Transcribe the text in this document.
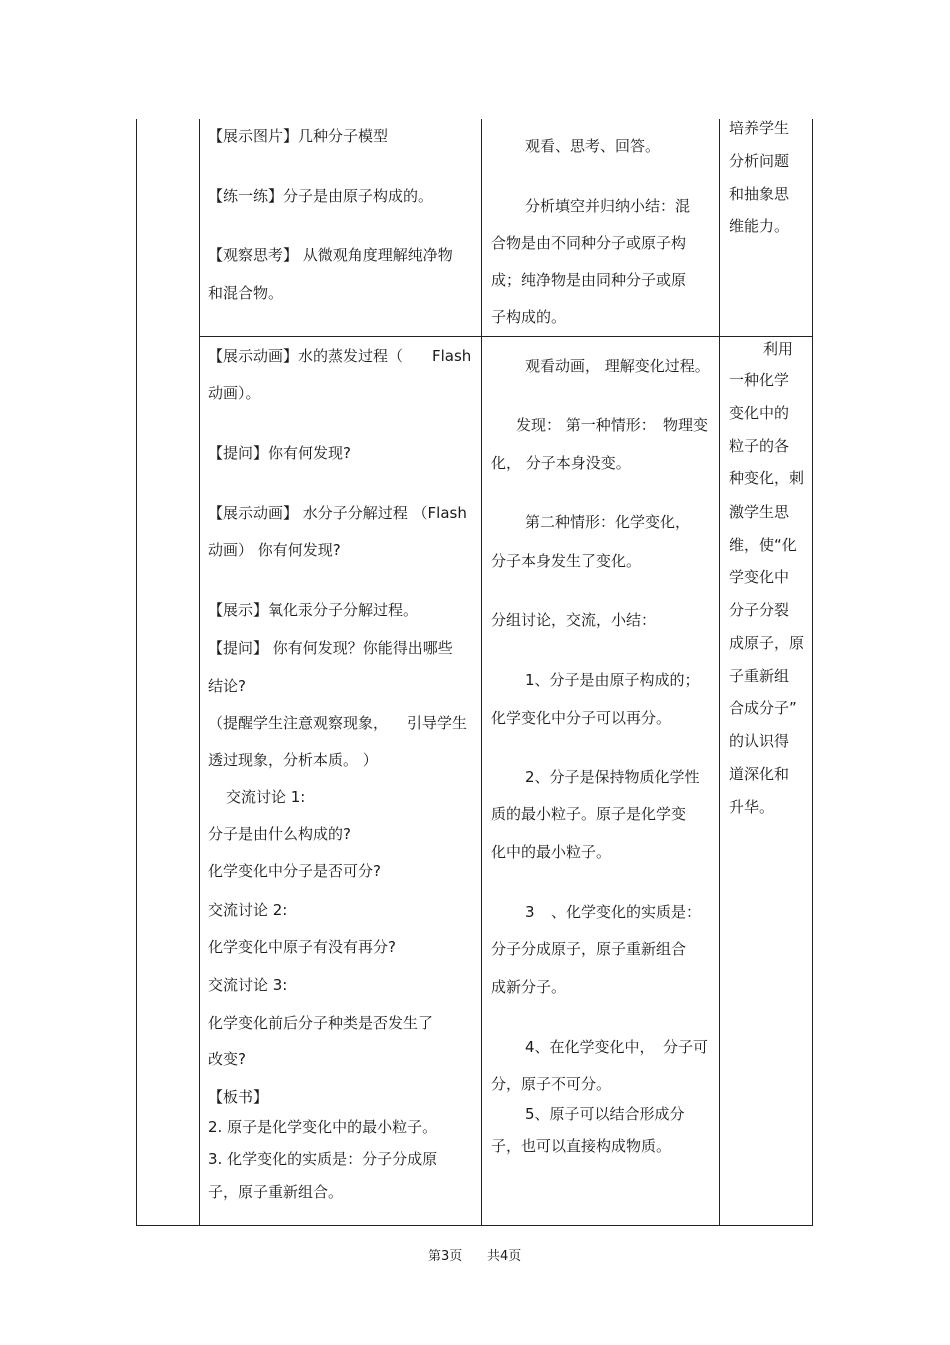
【展示图片】几种分子模型
【练一练】分子是由原子构成的。
【观察思考】 从微观角度理解纯净物
和混合物。
观看、思考、回答。
分析填空并归纳小结：混
合物是由不同种分子或原子构
成；纯净物是由同种分子或原
子构成的。
培养学生
分析问题
和抽象思
维能力。
【展示动画】水的蒸发过程（ Flash
动画）。
【提问】你有何发现?
【展示动画】 水分子分解过程 （Flash
动画） 你有何发现?
【展示】氧化汞分子分解过程。
【提问】 你有何发现？你能得出哪些
结论?
（提醒学生注意观察现象， 引导学生
透过现象，分析本质。 ）
交流讨论 1:
分子是由什么构成的?
化学变化中分子是否可分?
交流讨论 2:
化学变化中原子有没有再分?
交流讨论 3:
化学变化前后分子种类是否发生了
改变?
【板书】
2. 原子是化学变化中的最小粒子。
3. 化学变化的实质是：分子分成原
子，原子重新组合。
观看动画， 理解变化过程。
发现： 第一种情形： 物理变
化， 分子本身没变。
第二种情形：化学变化，
分子本身发生了变化。
分组讨论，交流，小结：
1、分子是由原子构成的；
化学变化中分子可以再分。
2、分子是保持物质化学性
质的最小粒子。原子是化学变
化中的最小粒子。
3 、化学变化的实质是：
分子分成原子，原子重新组合
成新分子。
4、在化学变化中， 分子可
分，原子不可分。
5、原子可以结合形成分
子，也可以直接构成物质。
利用
一种化学
变化中的
粒子的各
种变化，刺
激学生思
维，使“化
学变化中
分子分裂
成原子，原
子重新组
合成分子”
的认识得
道深化和
升华。
第3页 共4页
